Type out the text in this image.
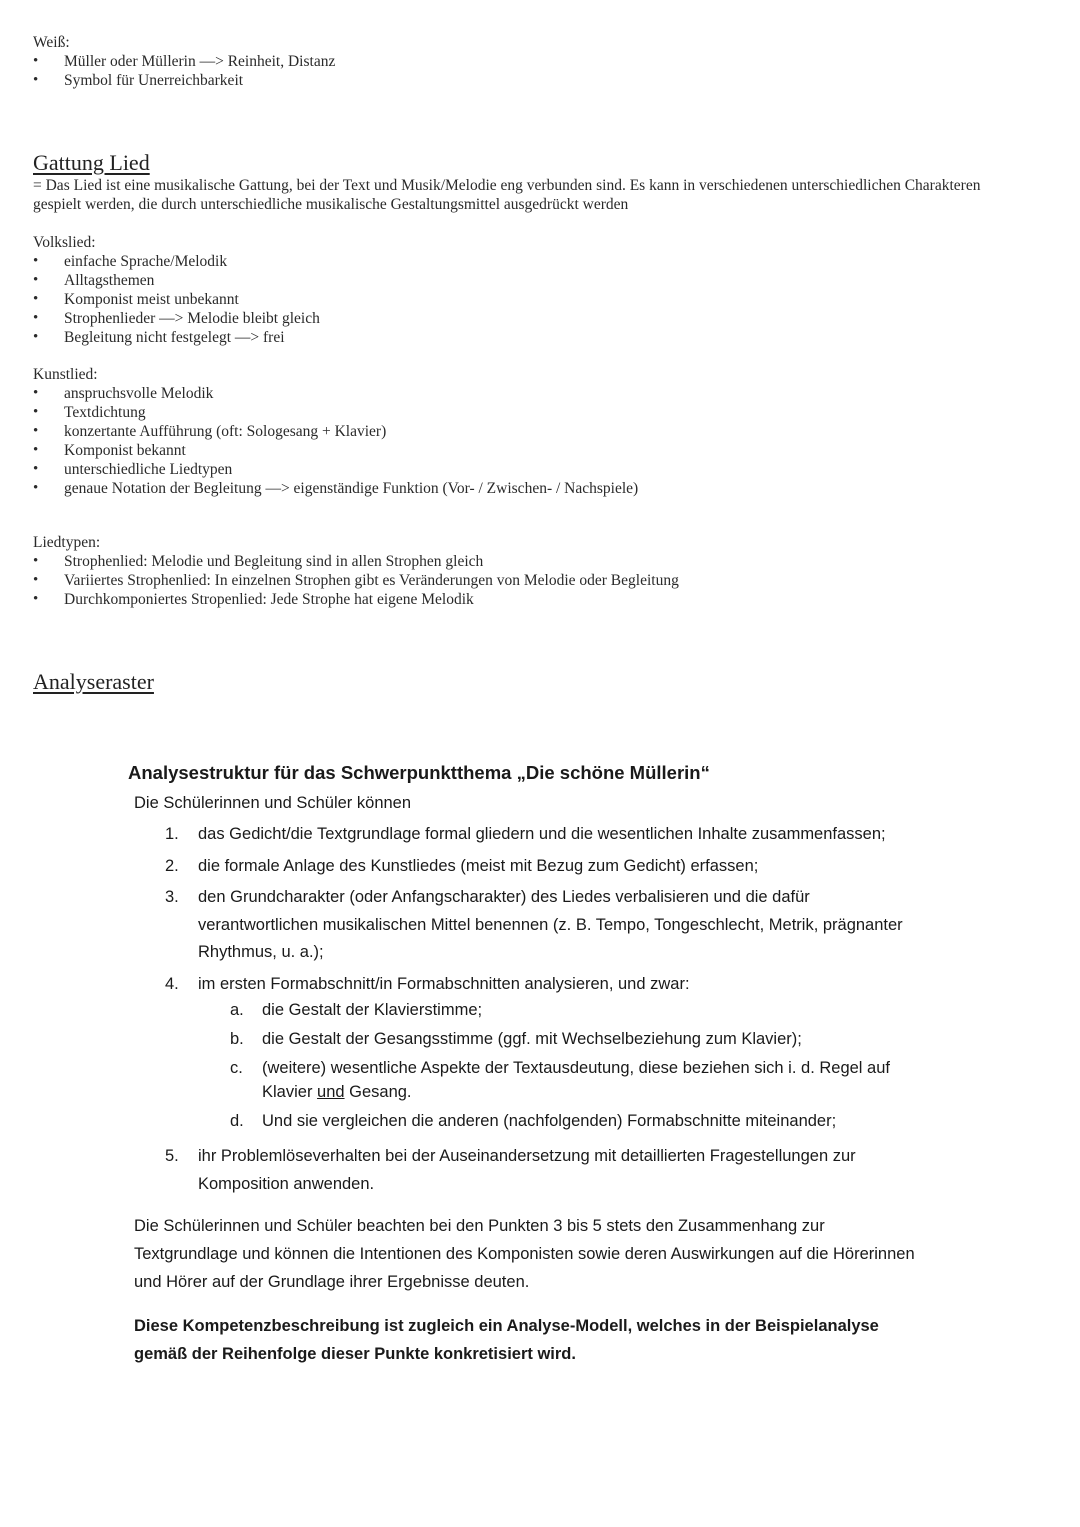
Weiß:
• Müller oder Müllerin —> Reinheit, Distanz
• Symbol für Unerreichbarkeit
Gattung Lied
= Das Lied ist eine musikalische Gattung, bei der Text und Musik/Melodie eng verbunden sind. Es kann in verschiedenen unterschiedlichen Charakteren gespielt werden, die durch unterschiedliche musikalische Gestaltungsmittel ausgedrückt werden
Volkslied:
• einfache Sprache/Melodik
• Alltagsthemen
• Komponist meist unbekannt
• Strophenlieder —> Melodie bleibt gleich
• Begleitung nicht festgelegt —> frei
Kunstlied:
• anspruchsvolle Melodik
• Textdichtung
• konzertante Aufführung (oft: Sologesang + Klavier)
• Komponist bekannt
• unterschiedliche Liedtypen
• genaue Notation der Begleitung —> eigenständige Funktion (Vor- / Zwischen- / Nachspiele)
Liedtypen:
• Strophenlied: Melodie und Begleitung sind in allen Strophen gleich
• Variiertes Strophenlied: In einzelnen Strophen gibt es Veränderungen von Melodie oder Begleitung
• Durchkomponiertes Stropenlied: Jede Strophe hat eigene Melodik
Analyseraster
Analysestruktur für das Schwerpunktthema „Die schöne Müllerin“
Die Schülerinnen und Schüler können
1. das Gedicht/die Textgrundlage formal gliedern und die wesentlichen Inhalte zusammenfassen;
2. die formale Anlage des Kunstliedes (meist mit Bezug zum Gedicht) erfassen;
3. den Grundcharakter (oder Anfangscharakter) des Liedes verbalisieren und die dafür verantwortlichen musikalischen Mittel benennen (z. B. Tempo, Tongeschlecht, Metrik, prägnanter Rhythmus, u. a.);
4. im ersten Formabschnitt/in Formabschnitten analysieren, und zwar:
a. die Gestalt der Klavierstimme;
b. die Gestalt der Gesangsstimme (ggf. mit Wechselbeziehung zum Klavier);
c. (weitere) wesentliche Aspekte der Textausdeutung, diese beziehen sich i. d. Regel auf Klavier und Gesang.
d. Und sie vergleichen die anderen (nachfolgenden) Formabschnitte miteinander;
5. ihr Problemlöseverhalten bei der Auseinandersetzung mit detaillierten Fragestellungen zur Komposition anwenden.

Die Schülerinnen und Schüler beachten bei den Punkten 3 bis 5 stets den Zusammenhang zur Textgrundlage und können die Intentionen des Komponisten sowie deren Auswirkungen auf die Hörerinnen und Hörer auf der Grundlage ihrer Ergebnisse deuten.

Diese Kompetenzbeschreibung ist zugleich ein Analyse-Modell, welches in der Beispielanalyse gemäß der Reihenfolge dieser Punkte konkretisiert wird.
